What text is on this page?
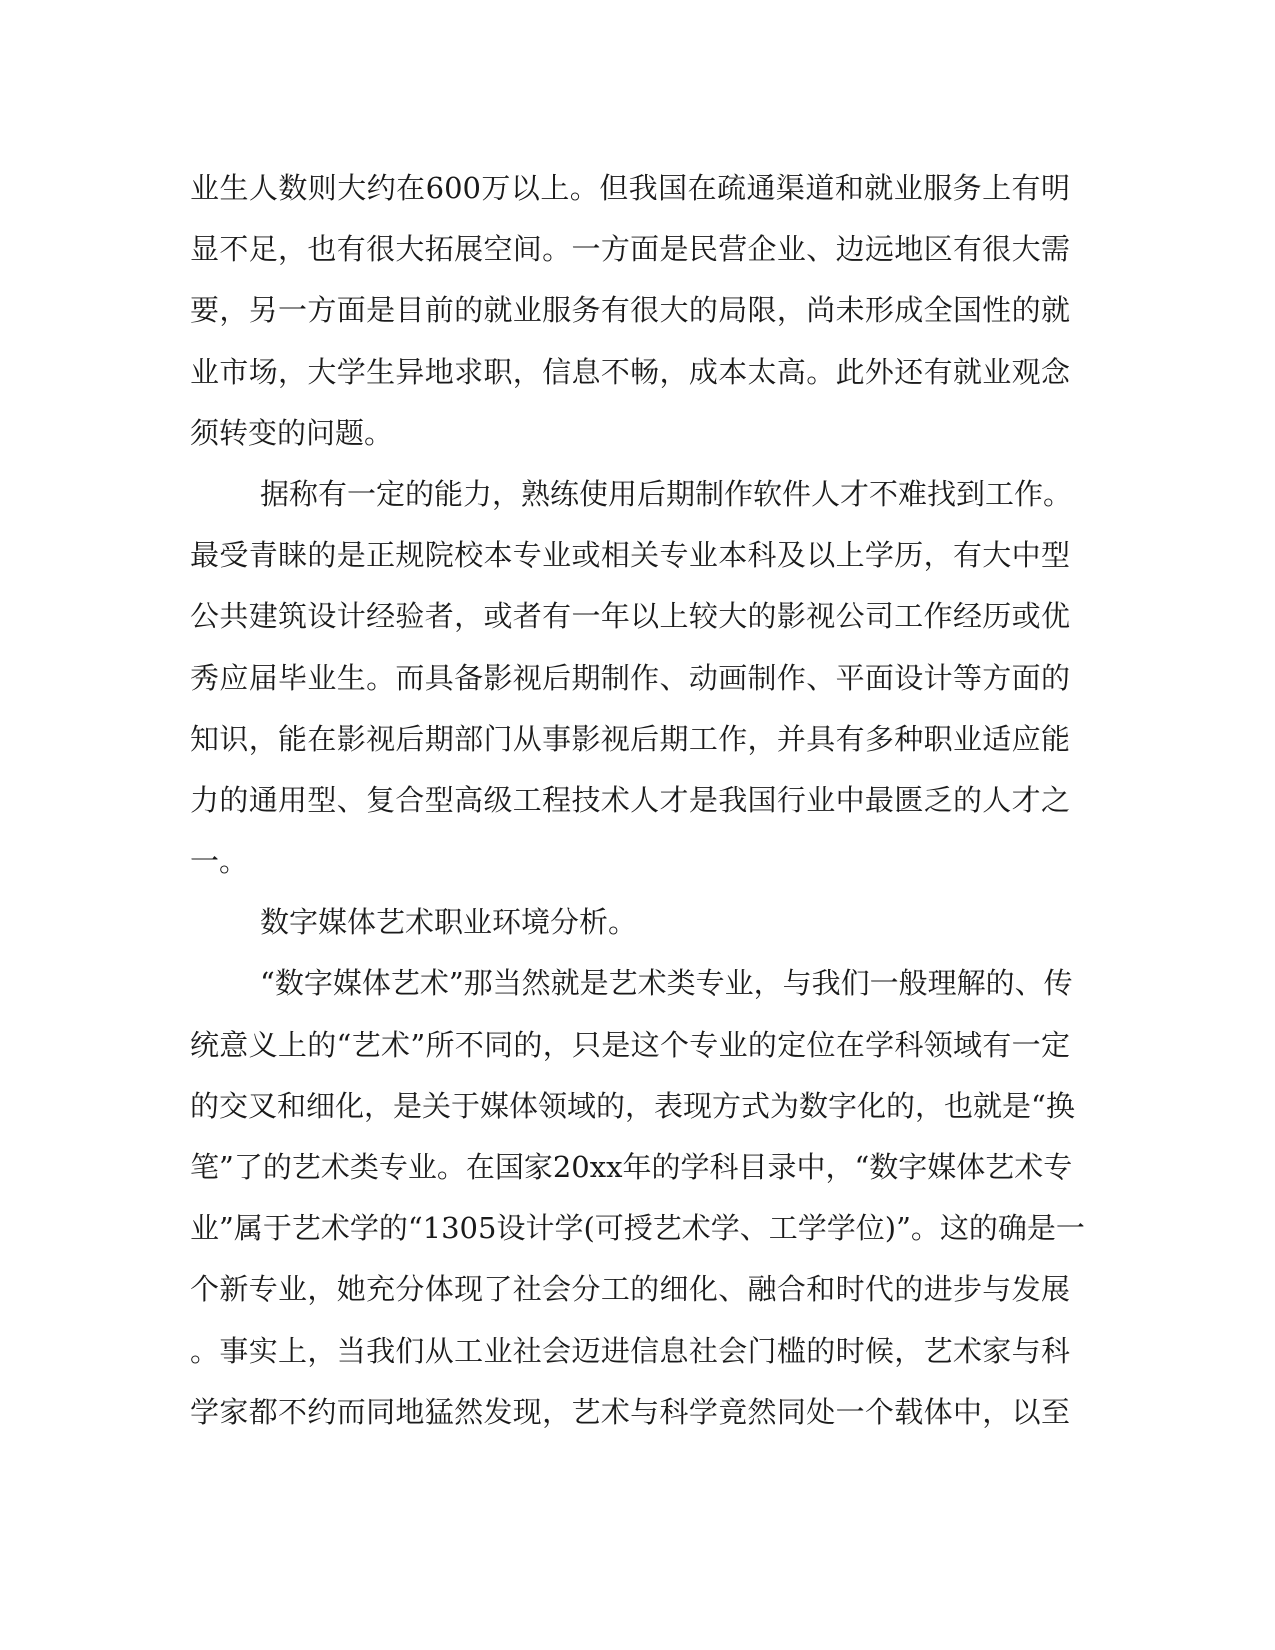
业生人数则大约在600万以上。但我国在疏通渠道和就业服务上有明
显不足，也有很大拓展空间。一方面是民营企业、边远地区有很大需
要，另一方面是目前的就业服务有很大的局限，尚未形成全国性的就
业市场，大学生异地求职，信息不畅，成本太高。此外还有就业观念
须转变的问题。
据称有一定的能力，熟练使用后期制作软件人才不难找到工作。
最受青睐的是正规院校本专业或相关专业本科及以上学历，有大中型
公共建筑设计经验者，或者有一年以上较大的影视公司工作经历或优
秀应届毕业生。而具备影视后期制作、动画制作、平面设计等方面的
知识，能在影视后期部门从事影视后期工作，并具有多种职业适应能
力的通用型、复合型高级工程技术人才是我国行业中最匮乏的人才之
一。
数字媒体艺术职业环境分析。
“数字媒体艺术”那当然就是艺术类专业，与我们一般理解的、传
统意义上的“艺术”所不同的，只是这个专业的定位在学科领域有一定
的交叉和细化，是关于媒体领域的，表现方式为数字化的，也就是“换
笔”了的艺术类专业。在国家20xx年的学科目录中，“数字媒体艺术专
业”属于艺术学的“1305设计学(可授艺术学、工学学位)”。这的确是一
个新专业，她充分体现了社会分工的细化、融合和时代的进步与发展
。事实上，当我们从工业社会迈进信息社会门槛的时候，艺术家与科
学家都不约而同地猛然发现，艺术与科学竟然同处一个载体中，以至
